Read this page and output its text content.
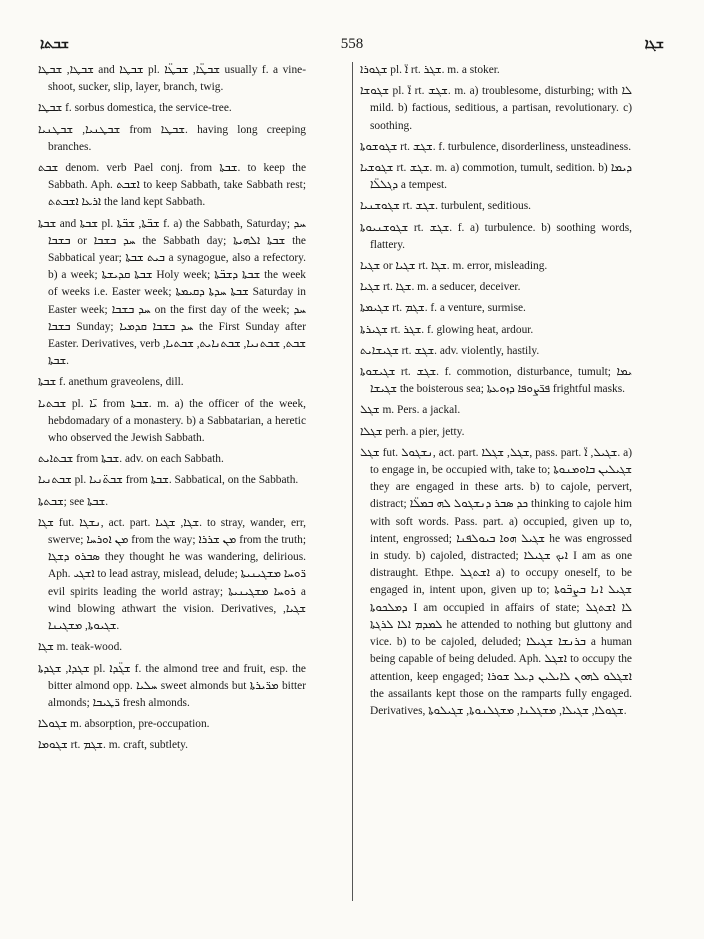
ܫܒܬܐ	558	ܫܓܐ

ܫܒܛܐ, ܫܒܛܐ and ܫܒܛܐ pl. ܫܒܛ̈ܐ, ܫܒܛ̈ܐ usually f. a vine-shoot, sucker, slip, layer, branch, twig.

ܫܒܛܐ f. sorbus domestica, the service-tree.

ܫܒܛܢܝܐ, ܫܒܛܢܝܐ from ܫܒܛܐ. having long creeping branches.

ܫܒܬ denom. verb Pael conj. from ܫܒܬܐ. to keep the Sabbath. Aph. ܐܫܒܬ to keep Sabbath, take Sabbath rest; ܐܪܥܐ ܐܫܒܬܬ the land kept Sabbath.

ܫܒܬܐ and ܫܒܬܐ pl. ܫܒ̈ܬܐ, ܫܒ̈ܬܐ f. a) the Sabbath, Saturday; ܚܕ ܒܫܒܐ or ܚܕ ܒܫܒܐ the Sabbath day; ܫܒܬܐ ܐܠܗܝܬܐ the Sabbatical year; ܒܝܬ ܫܒܬܐ a synagogue, also a refectory. b) a week; ܫܒܬܐ ܩܕܝܫܬܐ Holy week; ܫܒܬܐ ܕܫܒ̈ܬܐ the week of weeks i.e. Easter week; ܫܒܬܐ ܚܕܬܐ ܕܩܝܡܬܐ Saturday in Easter week; ܚܕ ܒܫܒܐ on the first day of the week; ܚܕ ܒܫܒܐ Sunday; ܚܕ ܒܫܒܐ ܩܕܡܝܐ the First Sunday after Easter. Derivatives, verb ܫܒܬ, ܫܒܬܢܝܐ, ܫܒܬܢܐܝܬ, ܫܒܬܝܐ, ܫܒܬܐ.

ܫܒܬܐ f. anethum graveolens, dill.

ܫܒܬܝܐ pl. ܝ̈ܐ from ܫܒܬܐ. m. a) the officer of the week, hebdomadary of a monastery. b) a Sabbatarian, a heretic who observed the Jewish Sabbath.

ܫܒܬܐܝܬ from ܫܒܬܐ. adv. on each Sabbath.

ܫܒܬܢܝܐ pl. ܫܒܬ̈ܢܝܐ from ܫܒܬܐ. Sabbatical, on the Sabbath.

ܫܒܬܬܐ; see ܫܒܬܐ.

ܫܓܐ fut. ܢܫܓܐ, act. part. ܫܓܐ, ܫܓܝܐ. to stray, wander, err, swerve; ܡܢ ܐܘܪܚܐ from the way; ܡܢ ܫܪܪܐ from the truth; ܣܒܪܘ ܕܫܓܐ they thought he was wandering, delirious. Aph. ܐܫܓܝ to lead astray, mislead, delude; ܪ̈ܘܚܐ ܡܫܓܝܢܝܬܐ evil spirits leading the world astray; ܪܘܚܐ ܡܫܓܝܢܝܬܐ a wind blowing athwart the vision. Derivatives, ܫܓܝܐ, ܫܓܝܘܬܐ, ܡܫܓܝܢܐ.

ܫܓܐ m. teak-wood.

ܫܓܕܐ, ܫܓܕܬܐ pl. ܫܓ̈ܕܐ f. the almond tree and fruit, esp. the bitter almond opp. ܚܠܝܐ sweet almonds but ܡܪ̈ܝܪܬܐ bitter almonds; ܪ̈ܛܝܒܐ fresh almonds.

ܫܓܘܠܐ m. absorption, pre-occupation.

ܫܓܘܡܐ rt. ܫܓܡ. m. craft, subtlety.

ܫܓܘܪܐ pl. ܐ̈ rt. ܫܓܪ. m. a stoker.

ܫܓܘܫܐ pl. ܐ̈ rt. ܫܓܫ. m. a) troublesome, disturbing; with ܠܐ mild. b) factious, seditious, a partisan, revolutionary. c) soothing.

ܫܓܘܫܘܬܐ rt. ܫܓܫ. f. turbulence, disorderliness, unsteadiness.

ܫܓܘܫܝܐ rt. ܫܓܫ. m. a) commotion, tumult, sedition. b) ܕܝܡܐ ܕܓܠܠ̈ܐ a tempest.

ܫܓܘܫܢܝܐ rt. ܫܓܫ. turbulent, seditious.

ܫܓܘܫܢܝܘܬܐ rt. ܫܓܫ. f. a) turbulence. b) soothing words, flattery.

ܫܓܝܐ or ܫܓܝܐ rt. ܫܓܐ. m. error, misleading.

ܫܓܝܐ rt. ܫܓܐ. m. a seducer, deceiver.

ܫܓܝܡܬܐ rt. ܫܓܡ. f. a venture, surmise.

ܫܓܝܪܬܐ rt. ܫܓܪ. f. glowing heat, ardour.

ܫܓܝܫܐܝܬ rt. ܫܓܫ. adv. violently, hastily.

ܫܓܝܫܘܬܐ rt. ܫܓܫ. f. commotion, disturbance, tumult; ܝܡܐ ܫܓܝܫܐ the boisterous sea; ܦܪ̈ܨܘܦܐ ܕܙܘܥܬܐ frightful masks.

ܫܓܠ m. Pers. a jackal.

ܫܓܠܐ perh. a pier, jetty.

ܫܓܠ fut. ܢܫܓܘܠ, act. part. ܫܓܠ, ܫܓܠܐ, pass. part. ܫܓܝܠ, ܐ̈. a) to engage in, be occupied with, take to; ܫܓܝܠܝܢ ܒܐܘܡܢܘܬܐ they are engaged in these arts. b) to cajole, pervert, distract; ܟܕ ܣܒܪ ܕܢܫܓܘܠ ܠܗ ܒܡܠ̈ܐ thinking to cajole him with soft words. Pass. part. a) occupied, given up to, intent, engrossed; ܫܓܝܠ ܗܘܐ ܒܝܘܠܦܢܐ he was engrossed in study. b) cajoled, distracted; ܐܝܟ ܫܓܝܠܐ I am as one distraught. Ethpe. ܐܫܬܓܠ a) to occupy oneself, to be engaged in, intent upon, given up to; ܫܓܝܠ ܐܢܐ ܒܨܒ̈ܘܬܐ ܕܡܠܟܘܬܐ I am occupied in affairs of state; ܠܐ ܐܫܬܓܠ ܠܡܕܡ ܐܠܐ ܠܪܓܬܐ he attended to nothing but gluttony and vice. b) to be cajoled, deluded; ܒܪܢܫܐ ܫܓܝܠܐ a human being capable of being deluded. Aph. ܐܫܓܠ to occupy the attention, keep engaged; ܐܫܓܠܘ ܠܗܘܢ ܠܐܝܠܝܢ ܕܥܠ ܫܘܪܐ the assailants kept those on the ramparts fully engaged. Derivatives, ܫܓܘܠܐ, ܫܓܝܠܐ, ܡܫܓܠܢܐ, ܡܫܓܠܢܘܬܐ, ܫܓܝܠܘܬܐ.
